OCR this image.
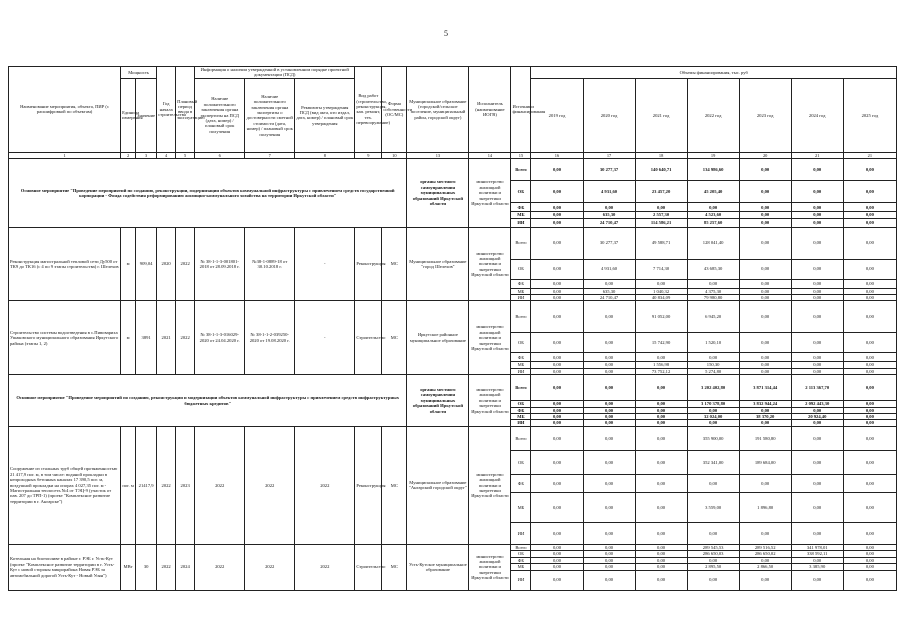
5
Наименование мероприятия, объекта, ПИР (с расшифровкой по объектам)	Мощность		Год начала строительства	Плановый период ввода в эксплуатацию	Информация о наличии утвержденной в установленном порядке проектной документации (ПСД)			Вид работ (строительство, реконструкция, кап. ремонт, тех. перевооружение)	Форма собственности (ОС/МС)	Муниципальное образование (городской/сельское поселение, муниципальный район, городской округ)	Исполнитель (наименование ИОГВ)	Источники финансирования	Объемы финансирования, тыс. руб						
	Единица измерения	Значение			Наличие положительного заключения органа экспертизы на ПСД (дата, номер) / плановый срок получения	Наличие положительного заключения органа экспертизы о достоверности сметной стоимости (дата, номер) / плановый срок получения	Реквизиты утверждения ПСД (вид акта, кто издал, дата, номер) / плановый срок утверждения						2019 год	2020 год	2021 год	2022 год	2023 год	2024 год	2025 год
1	2	3	4	5	6	7	8	9	10	13	14	15	16	17	18	19	20	21	21
Основное мероприятие "Проведение мероприятий по созданию, реконструкции, модернизации объектов коммунальной инфраструктуры с привлечением средств государственной корпорации - Фонда содействия реформированию жилищно-коммунального хозяйства на территории Иркутской области"										органы местного самоуправления муниципальных образований Иркутской области	министерство жилищной политики и энергетики Иркутской области	Всего	0,00	30 277,37	140 640,71	134 986,60	0,00	0,00	0,00
												ОБ	0,00	4 931,60	23 457,20	45 205,40	0,00	0,00	0,00
												ФБ	0,00	0,00	0,00	0,00	0,00	0,00	0,00
												МБ	0,00	635,30	2 557,30	4 523,60	0,00	0,00	0,00
												ИИ	0,00	24 710,47	114 586,21	85 257,60	0,00	0,00	0,00
Реконструкция магистральной тепловой сети Ду500 от ТК9 до ТК16 (с 4 по 9 этапы строительства) г. Шелехов	м	909,04	2020	2022	№ 38-1-1-3-001801-2018 от 28.09.2018 г.	№38-1-0889-18 от 30.10.2018 г.	-	Реконструкция	МС	Муниципальное образование "город Шелехов"	министерство жилищной политики и энергетики Иркутской области	Всего	0,00	30 277,37	49 588,71	128 041,40	0,00	0,00	0,00
												ОБ	0,00	4 931,60	7 714,30	43 685,30	0,00	0,00	0,00
												ФБ	0,00	0,00	0,00	0,00	0,00	0,00	0,00
												МБ	0,00	635,30	1 040,32	4 375,30	0,00	0,00	0,00
												ИИ	0,00	24 710,47	40 834,09	79 980,80	0,00	0,00	0,00
Строительство системы водоотведения в с.Пивовариха Ушаковского муниципального образования Иркутского района (этапы 1, 2)	м	3891	2021	2022	№ 38-1-1-3-016029-2020 от 24.04.2020 г.	№ 38-1-1-2-039250-2020 от 19.08.2020 г.	-	Строительство	МС	Иркутское районное муниципальное образование	министерство жилищной политики и энергетики Иркутской области	Всего	0,00	0,00	91 052,00	6 945,20	0,00	0,00	0,00
												ОБ	0,00	0,00	15 742,90	1 520,10	0,00	0,00	0,00
												ФБ	0,00	0,00	0,00	0,00	0,00	0,00	0,00
												МБ	0,00	0,00	1 556,98	150,30	0,00	0,00	0,00
												ИИ	0,00	0,00	73 752,12	5 274,80	0,00	0,00	0,00
Основное мероприятие "Проведение мероприятий по созданию, реконструкции и модернизации объектов коммунальной инфраструктуры с привлечением средств инфраструктурных бюджетных кредитов"										органы местного самоуправления муниципальных образований Иркутской области	министерство жилищной политики и энергетики Иркутской области	Всего	0,00	0,00	0,00	3 202 402,80	3 871 314,44	2 113 367,70	0,00
												ОБ	0,00	0,00	0,00	3 170 378,80	3 832 944,24	2 092 443,30	0,00
												ФБ	0,00	0,00	0,00	0,00	0,00	0,00	0,00
												МБ	0,00	0,00	0,00	32 024,00	38 370,20	20 924,40	0,00
												ИИ	0,00	0,00	0,00	0,00	0,00	0,00	0,00
Сооружение из стальных труб общей протяженностью 21 417,9 пог. м, в том числе: водяной прокладки в непроходных бетонных каналах 17 390,5 пог. м, воздушной прокладки на опорах 4 027,35 пог. м - Магистральная теплосеть №4 от ТЭЦ-9 (участок от пав. 207 до ТРП-1) (проект "Комплексное развитие территории в г. Ангарске")	пог. м	21417,9	2022	2023	2022	2022	2022	Реконструкция	МС	Муниципальное образование "Ангарский городской округ"	министерство жилищной политики и энергетики Иркутской области	Всего	0,00	0,00	0,00	355 900,00	191 580,80	0,00	0,00
												ОБ	0,00	0,00	0,00	352 341,00	189 684,00	0,00	0,00
												ФБ	0,00	0,00	0,00	0,00	0,00	0,00	0,00
												МБ	0,00	0,00	0,00	3 559,00	1 896,80	0,00	0,00
												ИИ	0,00	0,00	0,00	0,00	0,00	0,00	0,00
Котельная на биотопливе в районе г. РЭБ г. Усть-Кут (проект "Комплексное развитие территории в г. Усть-Кут с новой стороны микрорайона Новая РЭБ за автомобильной дорогой Усть-Кут - Новый Уоян")	МВт	30	2022	2024	2022	2022	2022	Строительство	МС	Усть-Кутское муниципальное образование	министерство жилищной политики и энергетики Иркутской области	Всего	0,00	0,00	0,00	289 545,53	289 516,52	341 978,01	0,00
												ОБ	0,00	0,00	0,00	286 650,03	286 650,02	338 592,11	0,00
												ФБ	0,00	0,00	0,00	0,00	0,00	0,00	0,00
												МБ	0,00	0,00	0,00	2 895,50	2 866,50	3 385,90	0,00
												ИИ	0,00	0,00	0,00	0,00	0,00	0,00	0,00
